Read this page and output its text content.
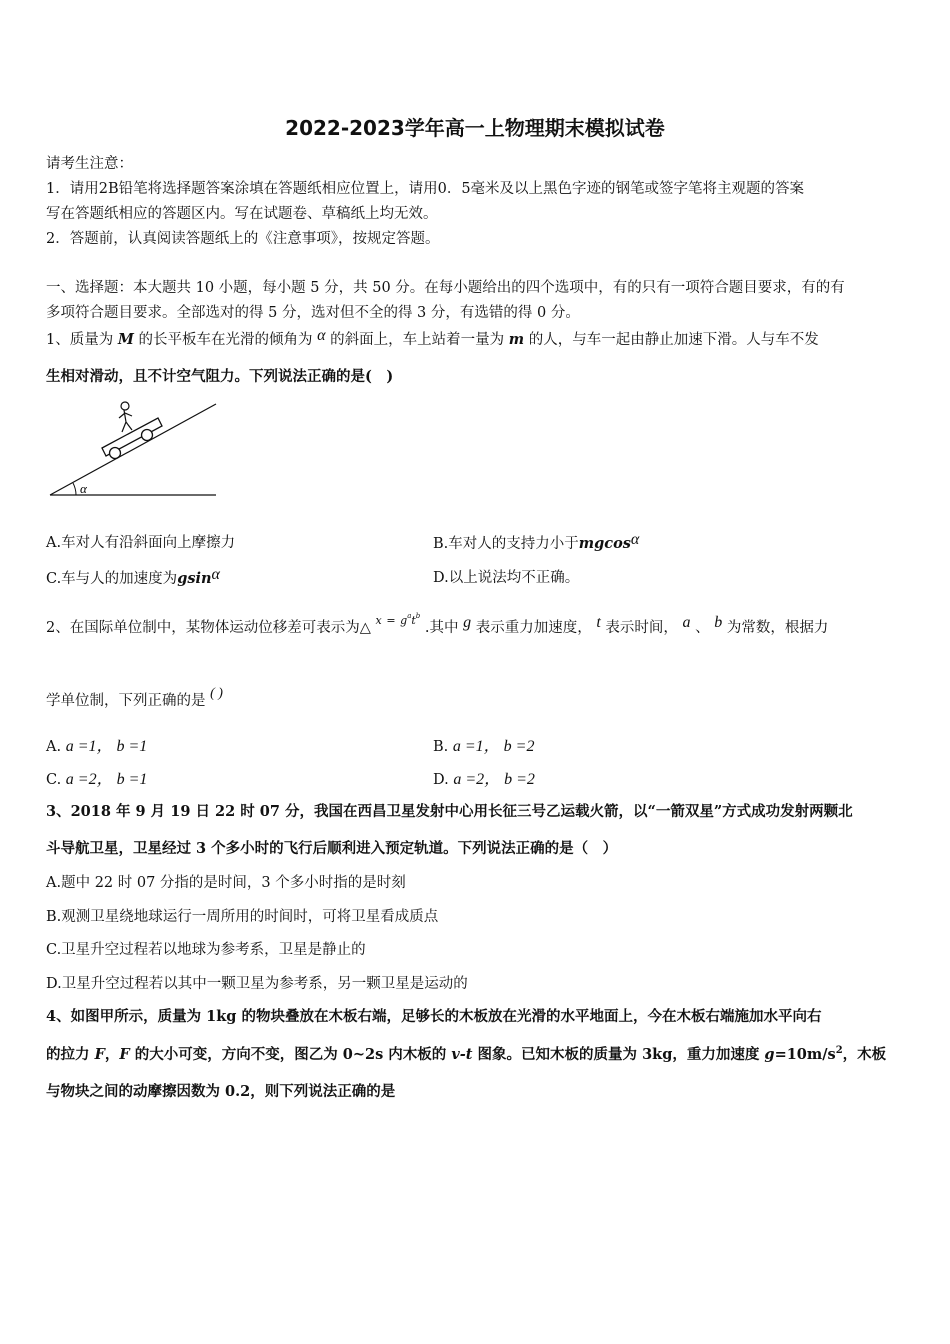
2022-2023学年高一上物理期末模拟试卷
请考生注意：
1．请用2B铅笔将选择题答案涂填在答题纸相应位置上，请用0．5毫米及以上黑色字迹的钢笔或签字笔将主观题的答案
写在答题纸相应的答题区内。写在试题卷、草稿纸上均无效。
2．答题前，认真阅读答题纸上的《注意事项》，按规定答题。
一、选择题：本大题共 10 小题，每小题 5 分，共 50 分。在每小题给出的四个选项中，有的只有一项符合题目要求，有的有
多项符合题目要求。全部选对的得 5 分，选对但不全的得 3 分，有选错的得 0 分。
1、质量为 M 的长平板车在光滑的倾角为 α 的斜面上，车上站着一量为 m 的人，与车一起由静止加速下滑。人与车不发
生相对滑动，且不计空气阻力。下列说法正确的是(　)
α
A.车对人有沿斜面向上摩擦力	B.车对人的支持力小于mgcosα
C.车与人的加速度为gsinα	D.以上说法均不正确。
2、在国际单位制中，某物体运动位移差可表示为△ $x = g^at^b$ .其中 g 表示重力加速度， t 表示时间， a 、 b 为常数，根据力
学单位制，下列正确的是 ( )
A. a =1， b =1	B. a =1， b =2
C. a =2， b =1	D. a =2， b =2
3、2018 年 9 月 19 日 22 时 07 分，我国在西昌卫星发射中心用长征三号乙运载火箭，以“一箭双星”方式成功发射两颗北
斗导航卫星，卫星经过 3 个多小时的飞行后顺利进入预定轨道。下列说法正确的是（　）
A.题中 22 时 07 分指的是时间，3 个多小时指的是时刻
B.观测卫星绕地球运行一周所用的时间时，可将卫星看成质点
C.卫星升空过程若以地球为参考系，卫星是静止的
D.卫星升空过程若以其中一颗卫星为参考系，另一颗卫星是运动的
4、如图甲所示，质量为 1kg 的物块叠放在木板右端，足够长的木板放在光滑的水平地面上，今在木板右端施加水平向右
的拉力 F，F 的大小可变，方向不变，图乙为 0~2s 内木板的 v-t 图象。已知木板的质量为 3kg，重力加速度 $g=10m/s^2$，木板
与物块之间的动摩擦因数为 0.2，则下列说法正确的是
